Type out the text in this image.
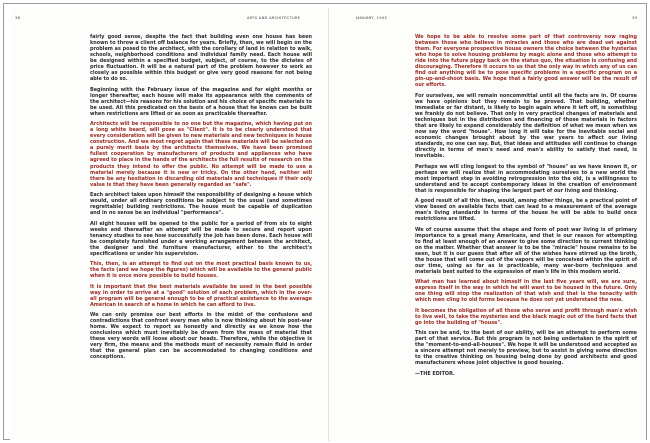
38	ARTS AND ARCHITECTURE	JANUARY, 1945	39

fairly good sense, despite the fact that building even one house has been known to throw a client off balance for years. Briefly, then, we will begin on the problem as posed to the architect, with the corollary of land in relation to walk, schools, neighborhood conditions and individual family need. Each house will be designed within a specified budget, subject, of course, to the dictates of price fluctuation. It will be a natural part of the problem however to work as closely as possible within this budget or give very good reasons for not being able to do so.

Beginning with the February issue of the magazine and for eight months or longer thereafter, each house will make its appearance with the comments of the architect—his reasons for his solution and his choice of specific materials to be used. All this predicated on the basis of a house that he knows can be built when restrictions are lifted or as soon as practicable thereafter.

Architects will be responsible to no one but the magazine, which having put on a long white beard, will pose as "Client". It is to be clearly understood that every consideration will be given to new materials and new techniques in house construction. And we most regret again that these materials will be selected on a purely merit basis by the architects themselves. We have been promised fullest cooperation by manufacturers of products and appliances who have agreed to place in the hands of the architects the full results of research on the products they intend to offer the public. No attempt will be made to use a material merely because it is new or tricky. On the other hand, neither will there be any hesitation in discarding old materials and techniques if their only value is that they have been generally regarded as "safe".

Each architect takes upon himself the responsibility of designing a house which would, under all ordinary conditions be subject to the usual (and sometimes regrettable) building restrictions. The house must be capable of duplication and in no sense be an individual "performance".

All eight houses will be opened to the public for a period of from six to eight weeks and thereafter an attempt will be made to secure and report upon tenancy studies to see how successfully the job has been done. Each house will be completely furnished under a working arrangement between the architect, the designer and the furniture manufacturer, either to the architect's specifications or under his supervision.

This, then, is an attempt to find out on the most practical basis known to us, the facts (and we hope the figures) which will be available to the general public when it is once more possible to build houses.

It is important that the best materials available be used in the best possible way in order to arrive at a "good" solution of each problem, which in the over-all program will be general enough to be of practical assistance to the average American in search of a home in which he can afford to live.

We can only promise our best efforts in the midst of the confusions and contradictions that confront every man who is now thinking about his post-war home. We expect to report as honestly and directly as we know how the conclusions which must inevitably be drawn from the mass of material that these very words will loose about our heads. Therefore, while the objective is very firm, the means and the methods must of necessity remain fluid in order that the general plan can be accommodated to changing conditions and conceptions.

We hope to be able to resolve some part of that controversy now raging between those who believe in miracles and those who are dead set against them. For everyone prospective house owners the choice between the hysterias who hope to solve housing problems by magic alone and those who attempt to ride into the future piggy back on the status quo, the situation is confusing and discouraging. Therefore it occurs to us that the only way in which any of us can find out anything will be to pose specific problems in a specific program on a pin-up-and-shoot basis. We hope that a fairly good answer will be the result of our efforts.

For ourselves, we will remain noncommittal until all the facts are in. Of course we have opinions but they remain to be proved. That building, whether immediate or far distant, is likely to begin again where it left off, is something we frankly do not believe. That only in very practical changes of materials and techniques but in the distribution and financing of those materials in factors that are likely to expand considerably the definition of what we mean when we now say the word "house". How long it will take for the inevitable social and economic changes brought about by the war years to affect our living standards, no one can say. But, that ideas and attitudes will continue to change directly in terms of men's need and man's ability to satisfy that need, is inevitable.

Perhaps we will cling longest to the symbol of "house" as we have known it, or perhaps we will realize that in accommodating ourselves to a new world the most important step in avoiding retrogression into the old, is a willingness to understand and to accept contemporary ideas in the creation of environment that is responsible for shaping the largest part of our living and thinking.

A good result of all this then, would, among other things, be a practical point of view based on available facts that can lead to a measurement of the average man's living standards in terms of the house he will be able to build once restrictions are lifted.

We of course assume that the shape and form of post war living is of primary importance to a great many Americans, and that is our reason for attempting to find at least enough of an answer to give some direction to current thinking on the matter. Whether that answer is to be the "miracle" house remains to be seen, but it is our guess that after all of the wishes have stirred up the broth, the house that will come out of the vapors will be conceived within the spirit of our time, using as far as is practicable, many war-born techniques and materials best suited to the expression of man's life in this modern world.

What man has learned about himself in the last five years will, we are sure, express itself in the way in which he will want to be housed in the future. Only one thing will stop the realization of that wish and that is the tenacity with which men cling to old forms because he does not yet understand the new.

It becomes the obligation of all those who serve and profit through man's wish to live well, to take the mysteries and the black magic out of the hard facts that go into the building of "house".

This can be and, to the best of our ability, will be an attempt to perform some part of that service. But this program is not being undertaken in the spirit of the "moment-to-end-all-houses". We hope it will be understood and accepted as a sincere attempt not merely to preview, but to assist in giving some direction to the creative thinking on housing being done by good architects and good manufacturers whose joint objective is good housing.

—THE EDITOR.
